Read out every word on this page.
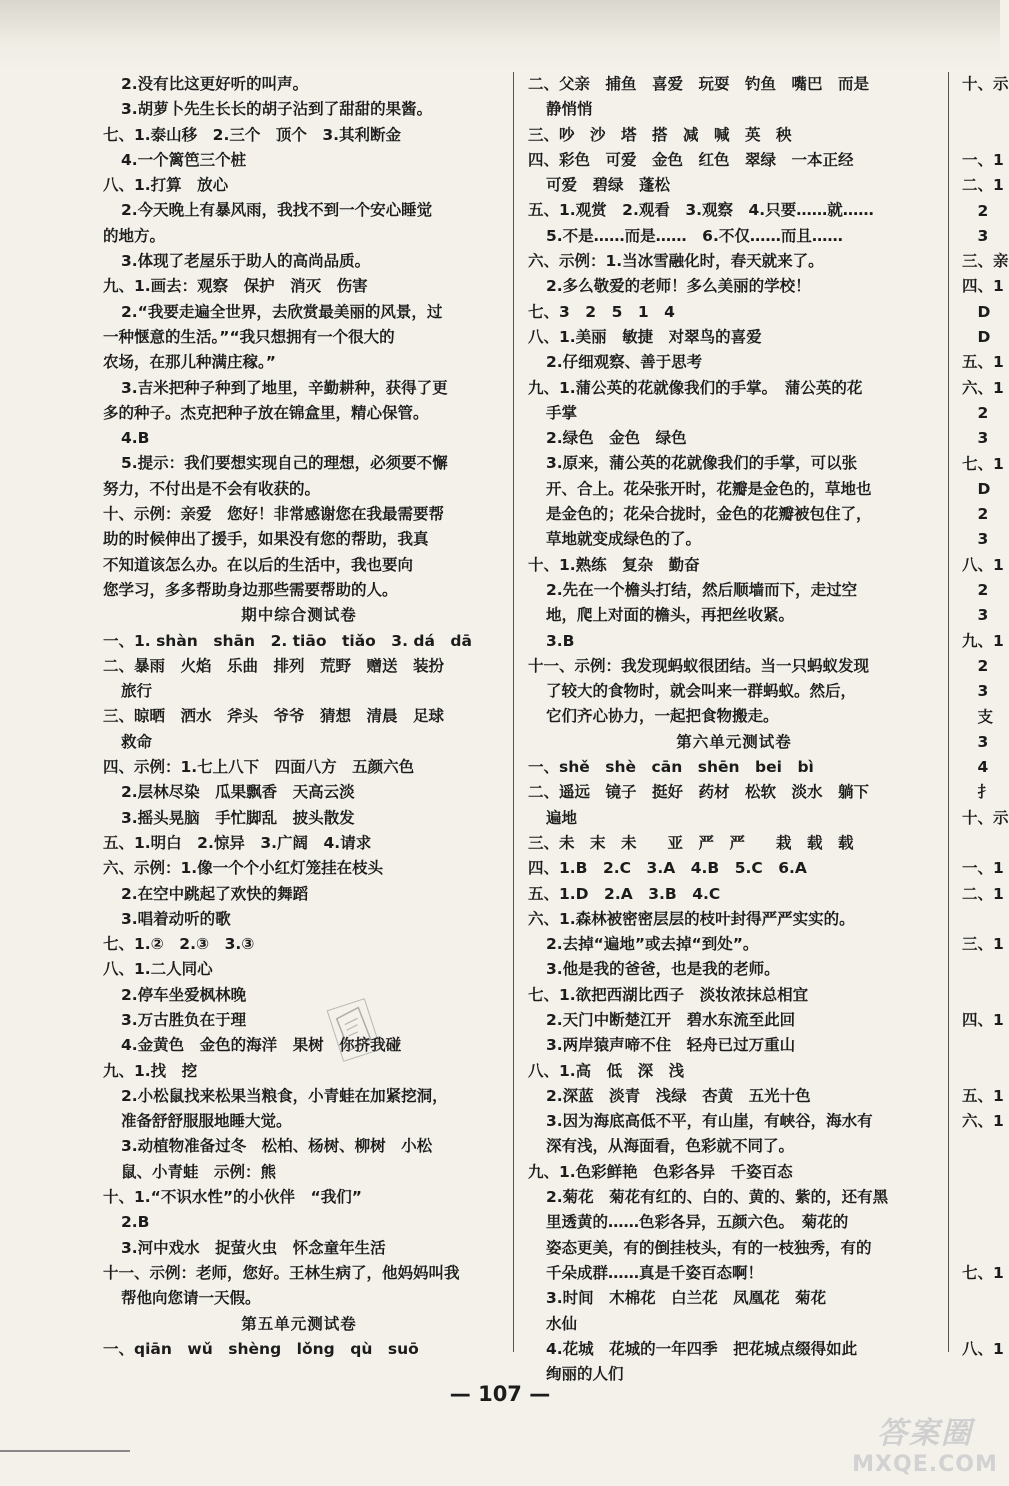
2.没有比这更好听的叫声。
3.胡萝卜先生长长的胡子沾到了甜甜的果酱。
七、1.泰山移　2.三个　顶个　3.其利断金
4.一个篱笆三个桩
八、1.打算　放心
2.今天晚上有暴风雨，我找不到一个安心睡觉
的地方。
3.体现了老屋乐于助人的高尚品质。
九、1.画去：观察　保护　消灭　伤害
2.“我要走遍全世界，去欣赏最美丽的风景，过
一种惬意的生活。”“我只想拥有一个很大的
农场，在那儿种满庄稼。”
3.吉米把种子种到了地里，辛勤耕种，获得了更
多的种子。杰克把种子放在锦盒里，精心保管。
4.B
5.提示：我们要想实现自己的理想，必须要不懈
努力，不付出是不会有收获的。
十、示例：亲爱　您好！非常感谢您在我最需要帮
助的时候伸出了援手，如果没有您的帮助，我真
不知道该怎么办。在以后的生活中，我也要向
您学习，多多帮助身边那些需要帮助的人。
期中综合测试卷
一、1. shàn　shān　2. tiāo　tiǎo　3. dá　dā
二、暴雨　火焰　乐曲　排列　荒野　赠送　装扮
旅行
三、晾晒　洒水　斧头　爷爷　猜想　清晨　足球
救命
四、示例：1.七上八下　四面八方　五颜六色
2.层林尽染　瓜果飘香　天高云淡
3.摇头晃脑　手忙脚乱　披头散发
五、1.明白　2.惊异　3.广阔　4.请求
六、示例：1.像一个个小红灯笼挂在枝头
2.在空中跳起了欢快的舞蹈
3.唱着动听的歌
七、1.②　2.③　3.③
八、1.二人同心
2.停车坐爱枫林晚
3.万古胜负在于理
4.金黄色　金色的海洋　果树　你挤我碰
九、1.找　挖
2.小松鼠找来松果当粮食，小青蛙在加紧挖洞，
准备舒舒服服地睡大觉。
3.动植物准备过冬　松柏、杨树、柳树　小松
鼠、小青蛙　示例：熊
十、1.“不识水性”的小伙伴　“我们”
2.B
3.河中戏水　捉萤火虫　怀念童年生活
十一、示例：老师，您好。王林生病了，他妈妈叫我
帮他向您请一天假。
第五单元测试卷
一、qiān　wǔ　shèng　lǒng　qù　suō
二、父亲　捕鱼　喜爱　玩耍　钓鱼　嘴巴　而是
静悄悄
三、吵　沙　塔　搭　减　喊　英　秧
四、彩色　可爱　金色　红色　翠绿　一本正经
可爱　碧绿　蓬松
五、1.观赏　2.观看　3.观察　4.只要……就……
5.不是……而是……　6.不仅……而且……
六、示例：1.当冰雪融化时，春天就来了。
2.多么敬爱的老师！多么美丽的学校！
七、3　2　5　1　4
八、1.美丽　敏捷　对翠鸟的喜爱
2.仔细观察、善于思考
九、1.蒲公英的花就像我们的手掌。　蒲公英的花
手掌
2.绿色　金色　绿色
3.原来，蒲公英的花就像我们的手掌，可以张
开、合上。花朵张开时，花瓣是金色的，草地也
是金色的；花朵合拢时，金色的花瓣被包住了，
草地就变成绿色的了。
十、1.熟练　复杂　勤奋
2.先在一个檐头打结，然后顺墙而下，走过空
地，爬上对面的檐头，再把丝收紧。
3.B
十一、示例：我发现蚂蚁很团结。当一只蚂蚁发现
了较大的食物时，就会叫来一群蚂蚁。然后，
它们齐心协力，一起把食物搬走。
第六单元测试卷
一、shě　shè　cān　shēn　bei　bì
二、遥远　镜子　挺好　药材　松软　淡水　躺下
遍地
三、未　末　未　　亚　严　严　　栽　载　载
四、1.B　2.C　3.A　4.B　5.C　6.A
五、1.D　2.A　3.B　4.C
六、1.森林被密密层层的枝叶封得严严实实的。
2.去掉“遍地”或去掉“到处”。
3.他是我的爸爸，也是我的老师。
七、1.欲把西湖比西子　淡妆浓抹总相宜
2.天门中断楚江开　碧水东流至此回
3.两岸猿声啼不住　轻舟已过万重山
八、1.高　低　深　浅
2.深蓝　淡青　浅绿　杏黄　五光十色
3.因为海底高低不平，有山崖，有峡谷，海水有
深有浅，从海面看，色彩就不同了。
九、1.色彩鲜艳　色彩各异　千姿百态
2.菊花　菊花有红的、白的、黄的、紫的，还有黑
里透黄的……色彩各异，五颜六色。　菊花的
姿态更美，有的倒挂枝头，有的一枝独秀，有的
千朵成群……真是千姿百态啊！
3.时间　木棉花　白兰花　凤凰花　菊花
水仙
4.花城　花城的一年四季　把花城点缀得如此
绚丽的人们
十、示
一、1
二、1
　2
　3
三、亲
四、1
　D
　D
五、1
六、1
　2
　3
七、1
　D
　2
　3
八、1
　2
　3
九、1
　2
　3
　支
　3
　4
　扌
十、示
一、1
二、1
三、1
四、1
五、1
六、1
七、1
八、1
— 107 —
答案圈
MXQE.COM
